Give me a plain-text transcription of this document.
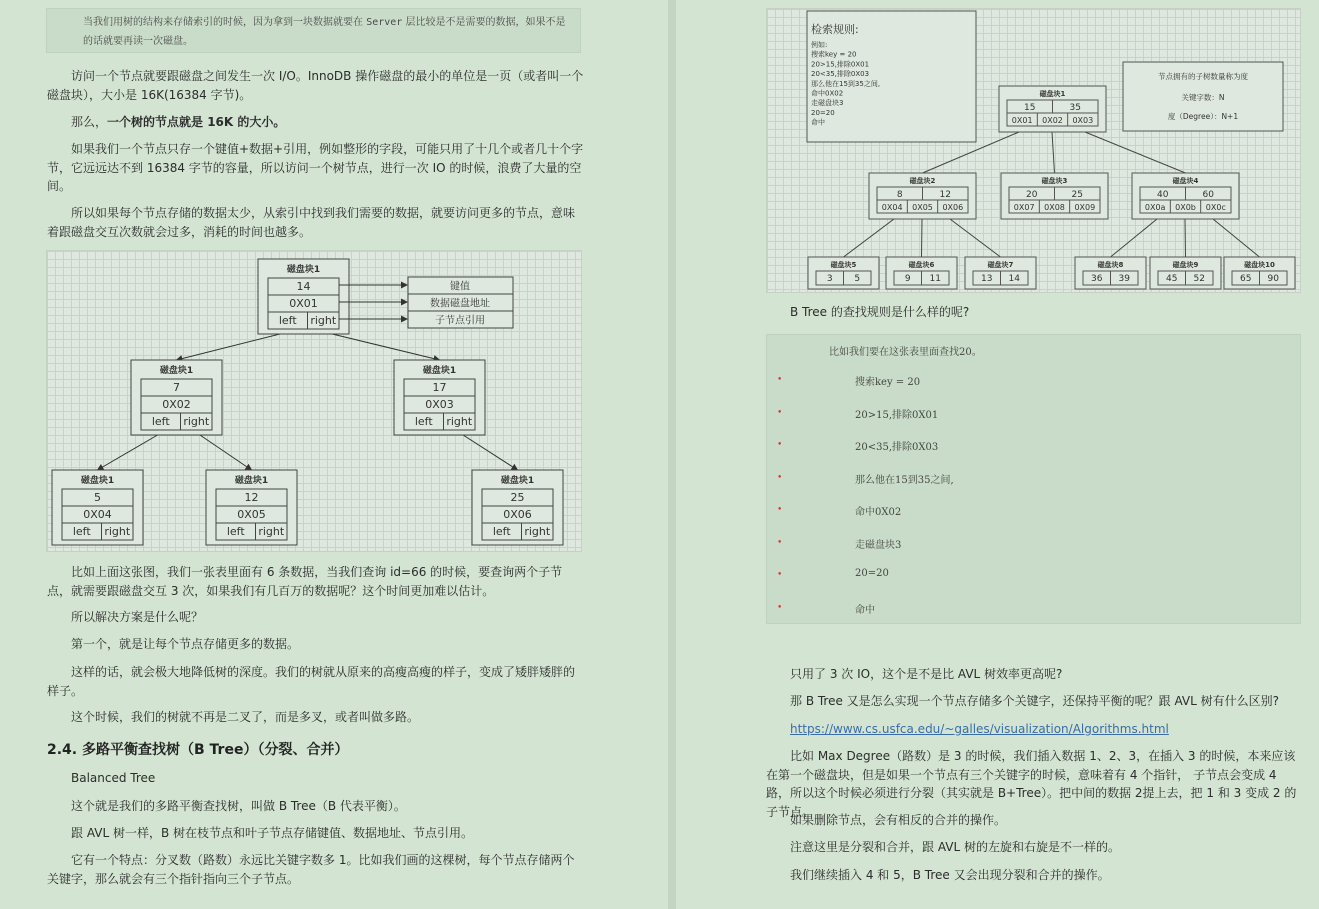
当我们用树的结构来存储索引的时候，因为拿到一块数据就要在 Server 层比较是不是需要的数据，如果不是的话就要再读一次磁盘。

访问一个节点就要跟磁盘之间发生一次 I/O。InnoDB 操作磁盘的最小的单位是一页（或者叫一个磁盘块），大小是 16K(16384 字节)。

那么，一个树的节点就是 16K 的大小。

如果我们一个节点只存一个键值+数据+引用，例如整形的字段，可能只用了十几个或者几十个字节，它远远达不到 16384 字节的容量，所以访问一个树节点，进行一次 IO 的时候，浪费了大量的空间。

所以如果每个节点存储的数据太少，从索引中找到我们需要的数据，就要访问更多的节点，意味着跟磁盘交互次数就会过多，消耗的时间也越多。

磁盘块1
14
0X01
left right
磁盘块1
7
0X02
left right
磁盘块1
17
0X03
left right
磁盘块1
5
0X04
left right
磁盘块1
12
0X05
left right
磁盘块1
25
0X06
left right
键值
数据磁盘地址
子节点引用

比如上面这张图，我们一张表里面有 6 条数据，当我们查询 id=66 的时候，要查询两个子节点，就需要跟磁盘交互 3 次，如果我们有几百万的数据呢？这个时间更加难以估计。

所以解决方案是什么呢？

第一个，就是让每个节点存储更多的数据。

这样的话，就会极大地降低树的深度。我们的树就从原来的高瘦高瘦的样子，变成了矮胖矮胖的样子。

这个时候，我们的树就不再是二叉了，而是多叉，或者叫做多路。

2.4. 多路平衡查找树（B Tree）（分裂、合并）

Balanced Tree

这个就是我们的多路平衡查找树，叫做 B Tree（B 代表平衡）。

跟 AVL 树一样，B 树在枝节点和叶子节点存储键值、数据地址、节点引用。

它有一个特点：分叉数（路数）永远比关键字数多 1。比如我们画的这棵树，每个节点存储两个关键字，那么就会有三个指针指向三个子节点。

检索规则:
例如:
搜索key = 20
20>15,排除0X01
20<35,排除0X03
那么他在15到35之间,
命中0X02
走磁盘块3
20=20
命中
节点拥有的子树数量称为度
关键字数：N
度（Degree）：N+1
磁盘块1
15	35
0X01 0X02 0X03
磁盘块2
8	12
0X04 0X05 0X06
磁盘块3
20	25
0X07 0X08 0X09
磁盘块4
40	60
0X0a 0X0b 0X0c
磁盘块5
3 5
磁盘块6
9 11
磁盘块7
13 14
磁盘块8
36 39
磁盘块9
45 52
磁盘块10
65 90

B Tree 的查找规则是什么样的呢?

比如我们要在这张表里面查找20。
•	搜索key = 20
•	20>15,排除0X01
•	20<35,排除0X03
•	那么他在15到35之间,
•	命中0X02
•	走磁盘块3
•	20=20
•	命中

只用了 3 次 IO，这个是不是比 AVL 树效率更高呢?

那 B Tree 又是怎么实现一个节点存储多个关键字，还保持平衡的呢？跟 AVL 树有什么区别?

https://www.cs.usfca.edu/~galles/visualization/Algorithms.html

比如 Max Degree（路数）是 3 的时候，我们插入数据 1、2、3，在插入 3 的时候，本来应该在第一个磁盘块，但是如果一个节点有三个关键字的时候，意味着有 4 个指针， 子节点会变成 4 路，所以这个时候必须进行分裂（其实就是 B+Tree）。把中间的数据 2提上去，把 1 和 3 变成 2 的子节点。

如果删除节点，会有相反的合并的操作。

注意这里是分裂和合并，跟 AVL 树的左旋和右旋是不一样的。

我们继续插入 4 和 5，B Tree 又会出现分裂和合并的操作。
